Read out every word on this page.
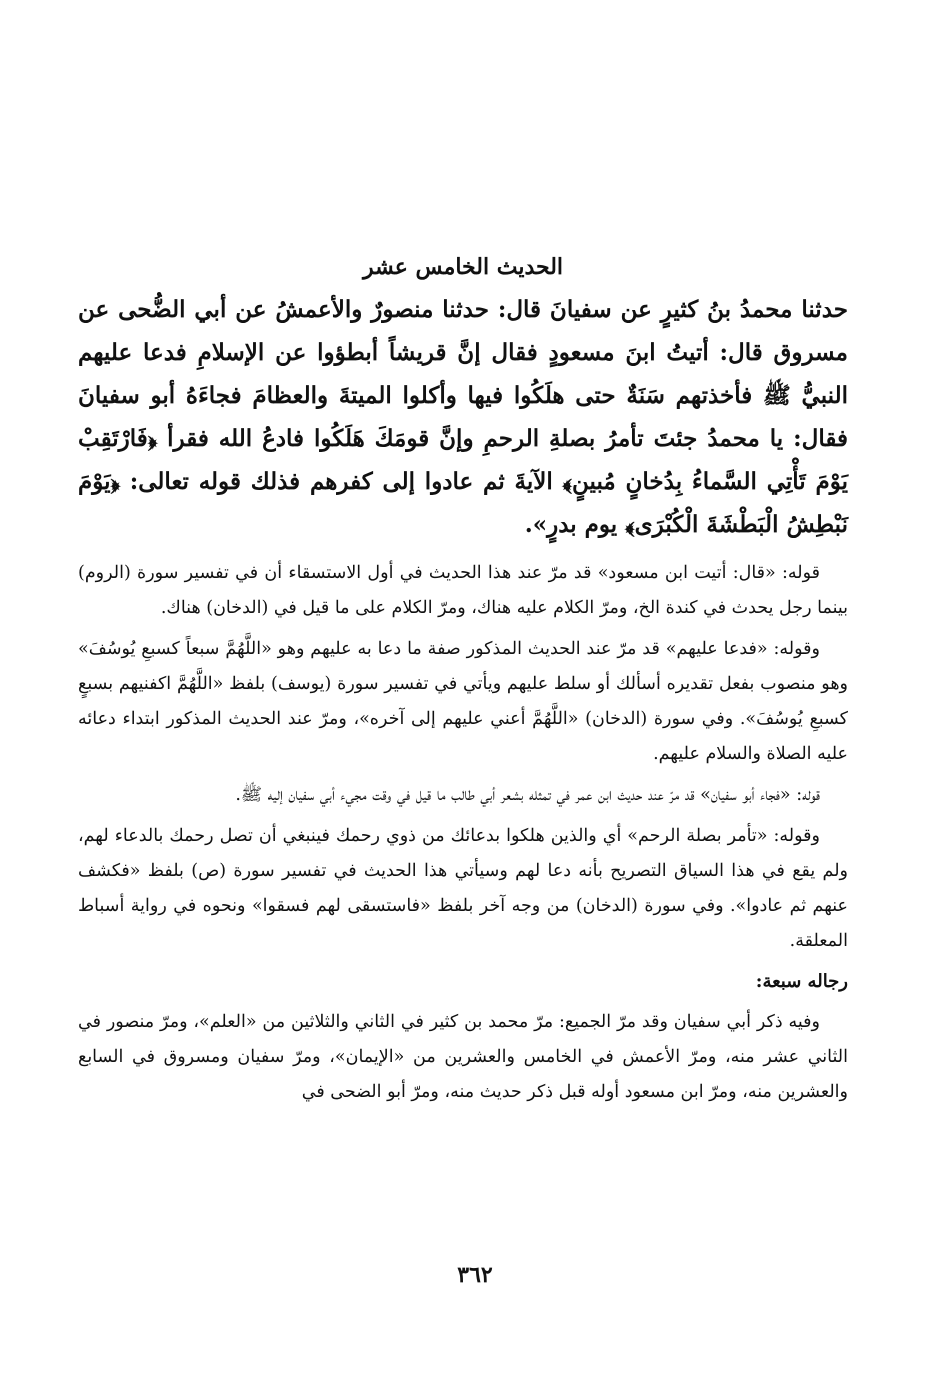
الحديث الخامس عشر

حدثنا محمدُ بنُ كثيرٍ عن سفيانَ قال: حدثنا منصورٌ والأعمشُ عن أبي الضُّحى عن مسروق قال: أتيتُ ابنَ مسعودٍ فقال إنَّ قريشاً أبطؤوا عن الإسلامِ فدعا عليهم النبيُّ ﷺ فأخذتهم سَنَةٌ حتى هلَكُوا فيها وأكلوا الميتةَ والعظامَ فجاءَهُ أبو سفيانَ فقال: يا محمدُ جئتَ تأمرُ بصلةِ الرحمِ وإنَّ قومَكَ هَلَكُوا فادعُ الله فقرأ ﴿فَارْتَقِبْ يَوْمَ تَأْتِي السَّماءُ بِدُخانٍ مُبينٍ﴾ الآيةَ ثم عادوا إلى كفرهم فذلك قوله تعالى: ﴿يَوْمَ نَبْطِشُ الْبَطْشَةَ الْكُبْرَى﴾ يوم بدرٍ».

قوله: «قال: أتيت ابن مسعود» قد مرّ عند هذا الحديث في أول الاستسقاء أن في تفسير سورة (الروم) بينما رجل يحدث في كندة الخ، ومرّ الكلام عليه هناك، ومرّ الكلام على ما قيل في (الدخان) هناك.

وقوله: «فدعا عليهم» قد مرّ عند الحديث المذكور صفة ما دعا به عليهم وهو «اللَّهُمَّ سبعاً كسبعِ يُوسُفَ» وهو منصوب بفعل تقديره أسألك أو سلط عليهم ويأتي في تفسير سورة (يوسف) بلفظ «اللَّهُمَّ اكفنيهم بسبعٍ كسبعِ يُوسُفَ». وفي سورة (الدخان) «اللَّهُمَّ أعني عليهم إلى آخره»، ومرّ عند الحديث المذكور ابتداء دعائه عليه الصلاة والسلام عليهم.

قوله: «فجاء أبو سفيان» قد مرّ عند حديث ابن عمر في تمثله بشعر أبي طالب ما قيل في وقت مجيء أبي سفيان إليه ﷺ.

وقوله: «تأمر بصلة الرحم» أي والذين هلكوا بدعائك من ذوي رحمك فينبغي أن تصل رحمك بالدعاء لهم، ولم يقع في هذا السياق التصريح بأنه دعا لهم وسيأتي هذا الحديث في تفسير سورة (ص) بلفظ «فكشف عنهم ثم عادوا». وفي سورة (الدخان) من وجه آخر بلفظ «فاستسقى لهم فسقوا» ونحوه في رواية أسباط المعلقة.

رجاله سبعة:

وفيه ذكر أبي سفيان وقد مرّ الجميع: مرّ محمد بن كثير في الثاني والثلاثين من «العلم»، ومرّ منصور في الثاني عشر منه، ومرّ الأعمش في الخامس والعشرين من «الإيمان»، ومرّ سفيان ومسروق في السابع والعشرين منه، ومرّ ابن مسعود أوله قبل ذكر حديث منه، ومرّ أبو الضحى في

٣٦٢
